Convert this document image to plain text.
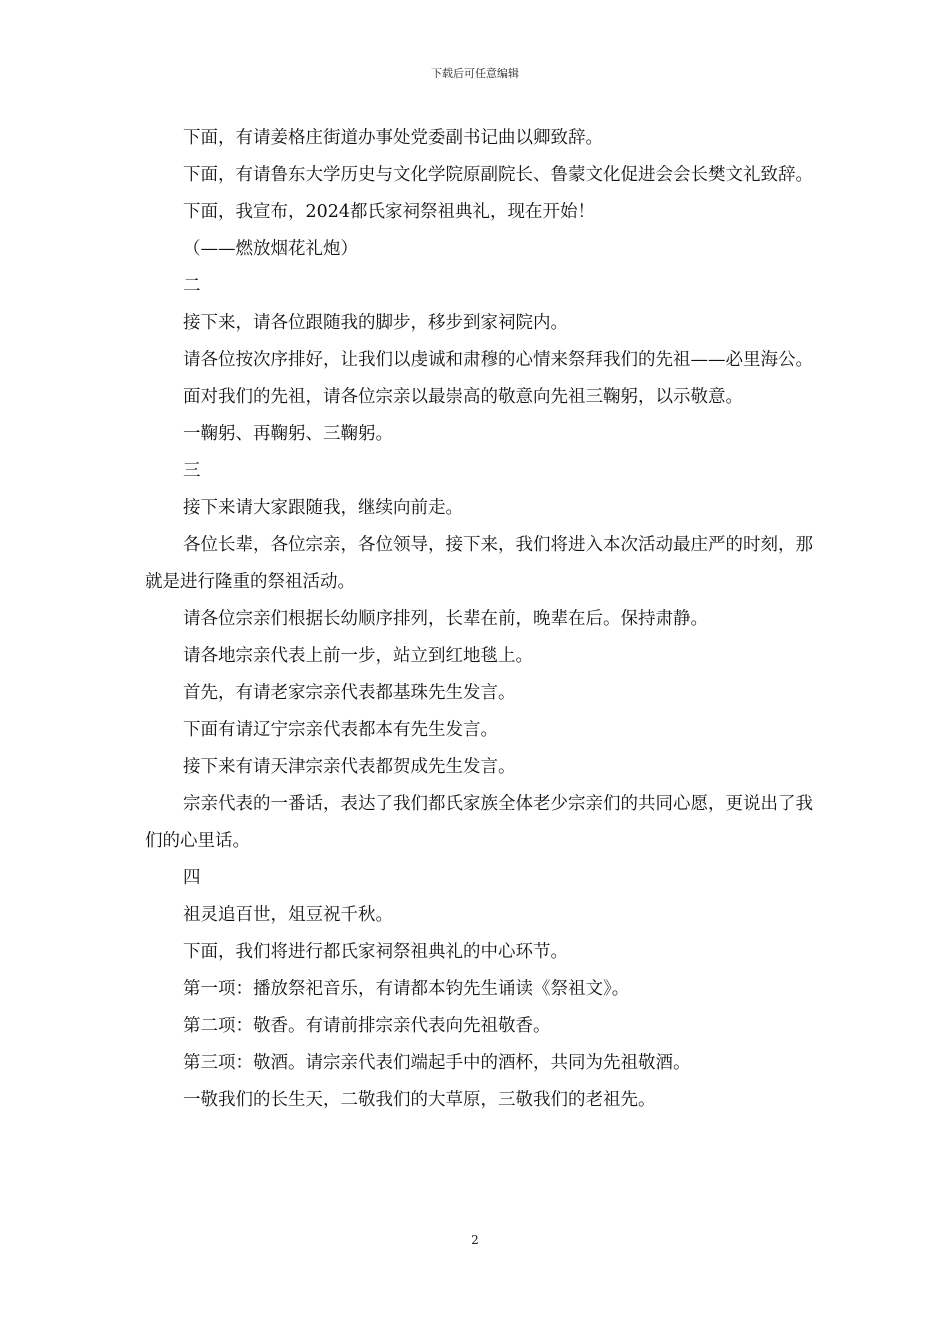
下载后可任意编辑

下面，有请姜格庄街道办事处党委副书记曲以卿致辞。

下面，有请鲁东大学历史与文化学院原副院长、鲁蒙文化促进会会长樊文礼致辞。

下面，我宣布，2024都氏家祠祭祖典礼，现在开始！

（——燃放烟花礼炮）

二

接下来，请各位跟随我的脚步，移步到家祠院内。

请各位按次序排好，让我们以虔诚和肃穆的心情来祭拜我们的先祖——必里海公。

面对我们的先祖，请各位宗亲以最崇高的敬意向先祖三鞠躬，以示敬意。

一鞠躬、再鞠躬、三鞠躬。

三

接下来请大家跟随我，继续向前走。

各位长辈，各位宗亲，各位领导，接下来，我们将进入本次活动最庄严的时刻，那就是进行隆重的祭祖活动。

请各位宗亲们根据长幼顺序排列，长辈在前，晚辈在后。保持肃静。

请各地宗亲代表上前一步，站立到红地毯上。

首先，有请老家宗亲代表都基珠先生发言。

下面有请辽宁宗亲代表都本有先生发言。

接下来有请天津宗亲代表都贺成先生发言。

宗亲代表的一番话，表达了我们都氏家族全体老少宗亲们的共同心愿，更说出了我们的心里话。

四

祖灵追百世，俎豆祝千秋。

下面，我们将进行都氏家祠祭祖典礼的中心环节。

第一项：播放祭祀音乐，有请都本钧先生诵读《祭祖文》。

第二项：敬香。有请前排宗亲代表向先祖敬香。

第三项：敬酒。请宗亲代表们端起手中的酒杯，共同为先祖敬酒。

一敬我们的长生天，二敬我们的大草原，三敬我们的老祖先。

2
